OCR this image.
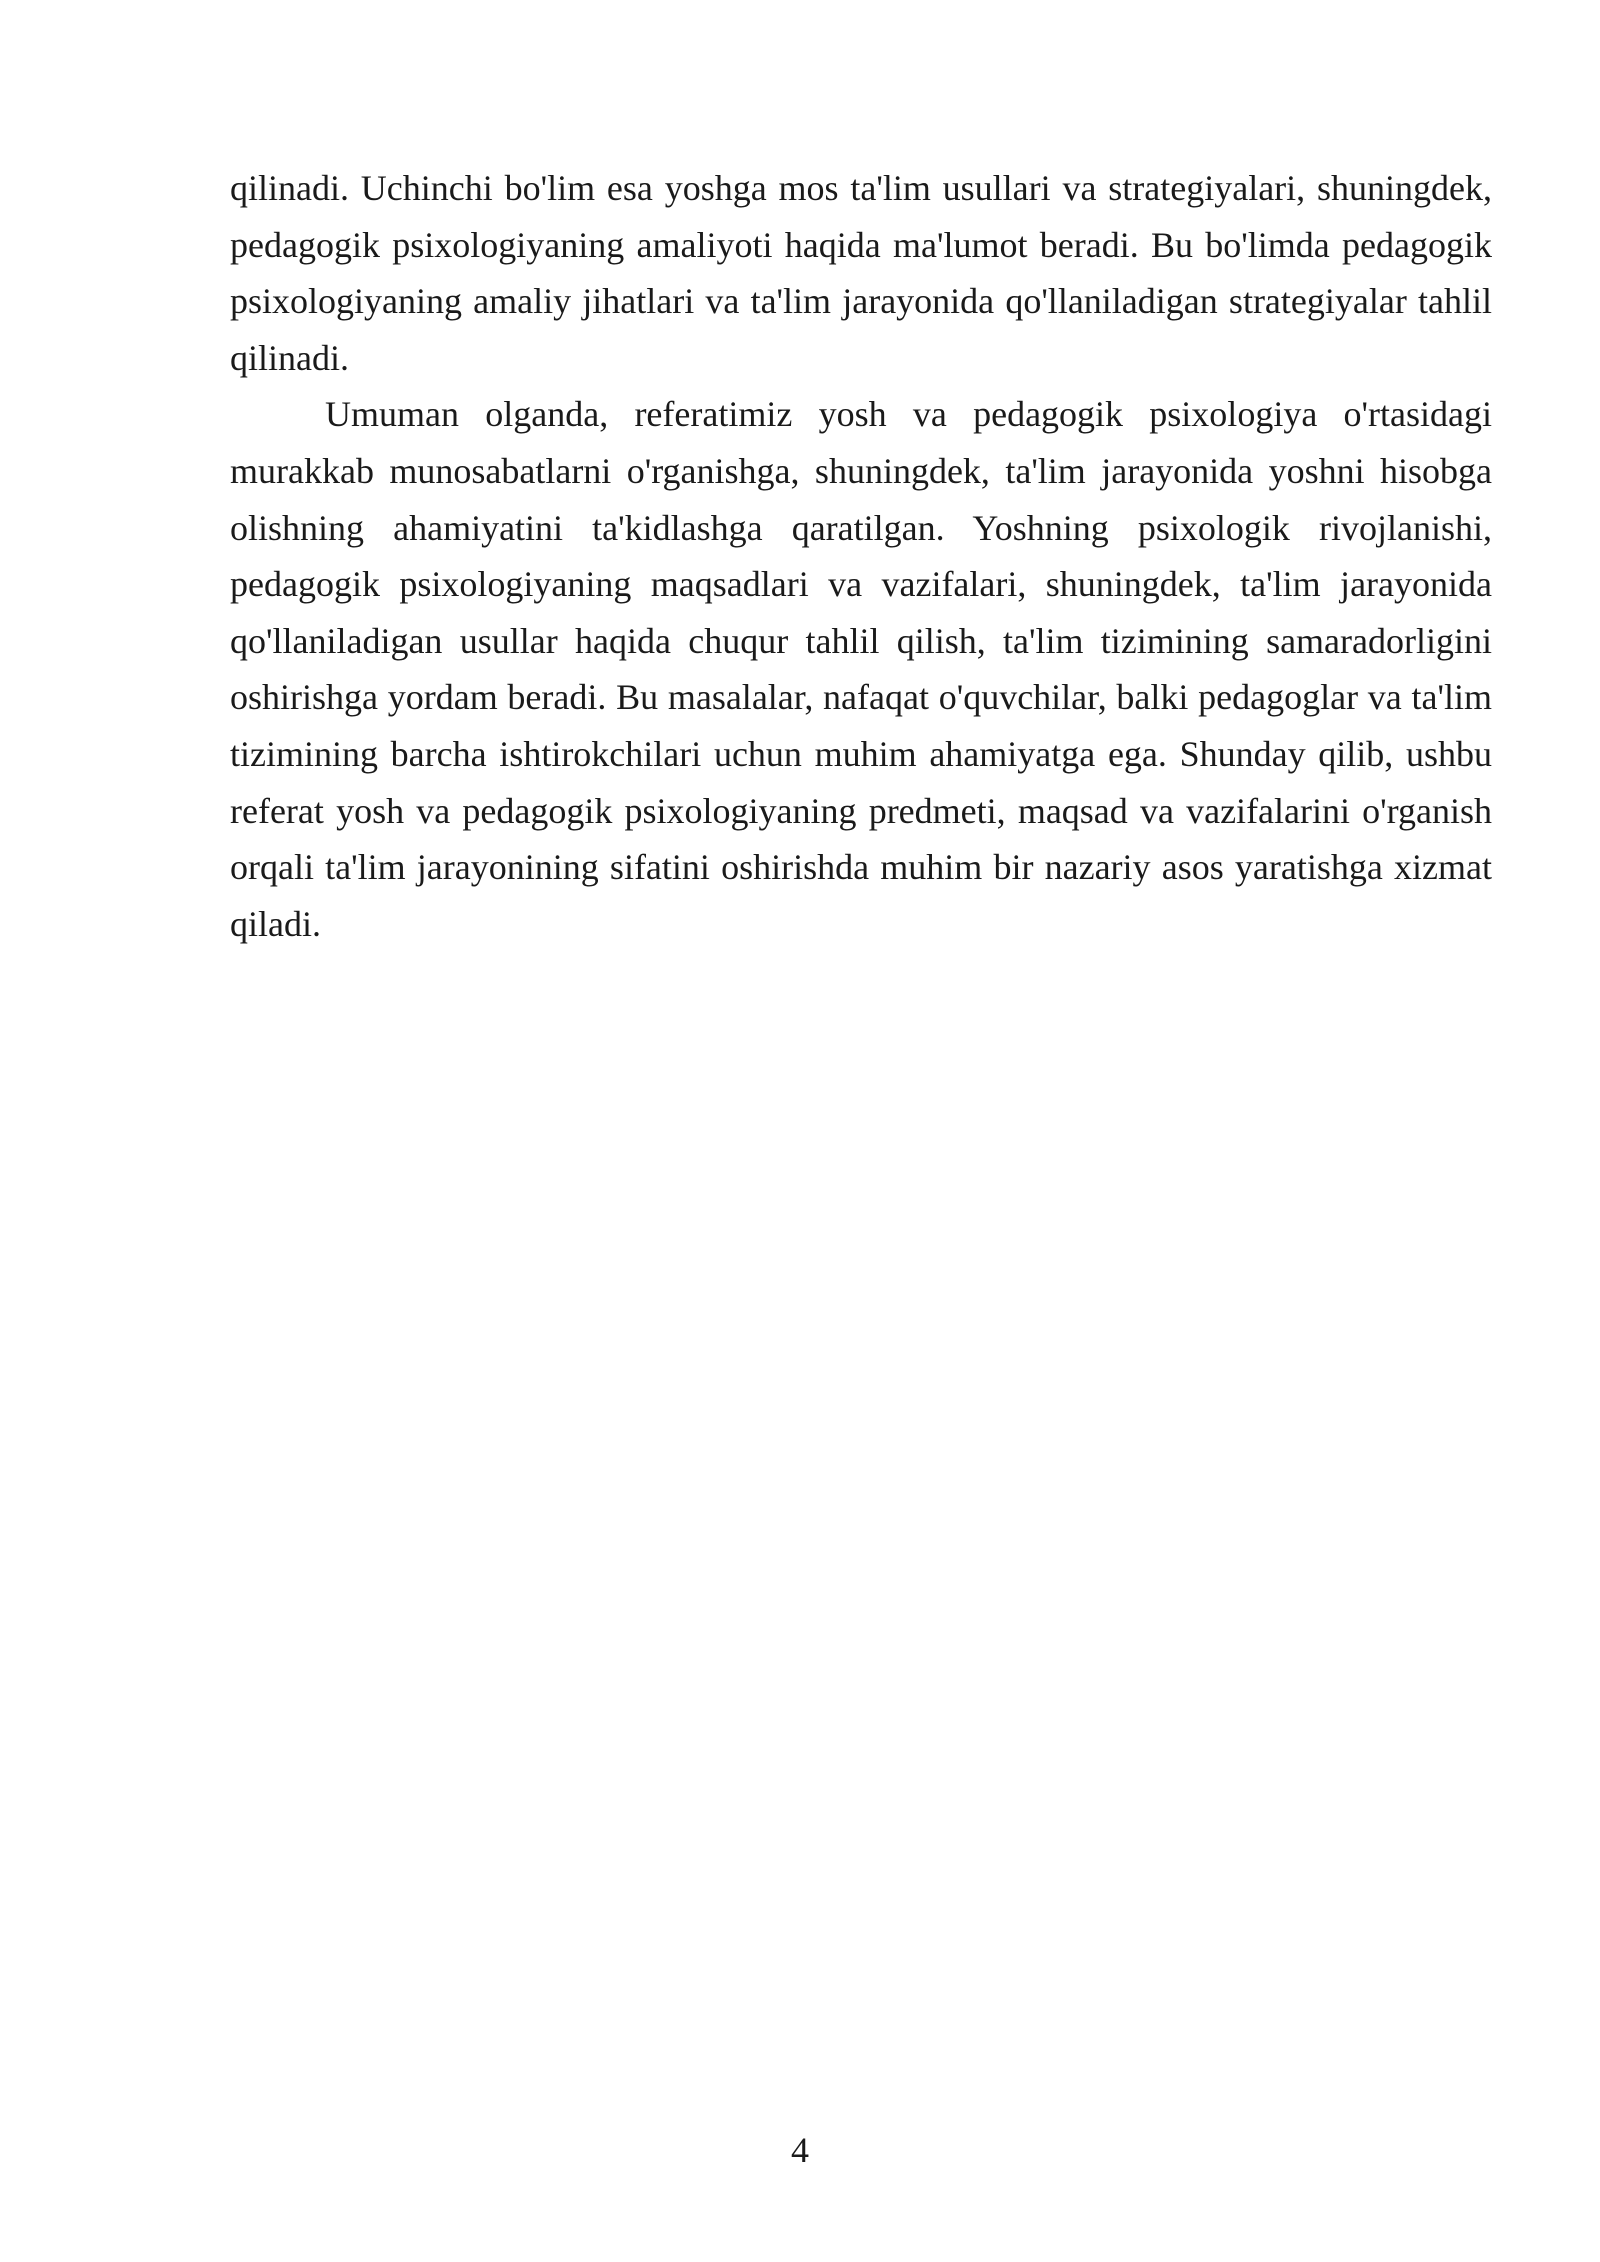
qilinadi. Uchinchi bo'lim esa yoshga mos ta'lim usullari va strategiyalari, shuningdek, pedagogik psixologiyaning amaliyoti haqida ma'lumot beradi. Bu bo'limda pedagogik psixologiyaning amaliy jihatlari va ta'lim jarayonida qo'llaniladigan strategiyalar tahlil qilinadi.

Umuman olganda, referatimiz yosh va pedagogik psixologiya o'rtasidagi murakkab munosabatlarni o'rganishga, shuningdek, ta'lim jarayonida yoshni hisobga olishning ahamiyatini ta'kidlashga qaratilgan. Yoshning psixologik rivojlanishi, pedagogik psixologiyaning maqsadlari va vazifalari, shuningdek, ta'lim jarayonida qo'llaniladigan usullar haqida chuqur tahlil qilish, ta'lim tizimining samaradorligini oshirishga yordam beradi. Bu masalalar, nafaqat o'quvchilar, balki pedagoglar va ta'lim tizimining barcha ishtirokchilari uchun muhim ahamiyatga ega. Shunday qilib, ushbu referat yosh va pedagogik psixologiyaning predmeti, maqsad va vazifalarini o'rganish orqali ta'lim jarayonining sifatini oshirishda muhim bir nazariy asos yaratishga xizmat qiladi.

4
